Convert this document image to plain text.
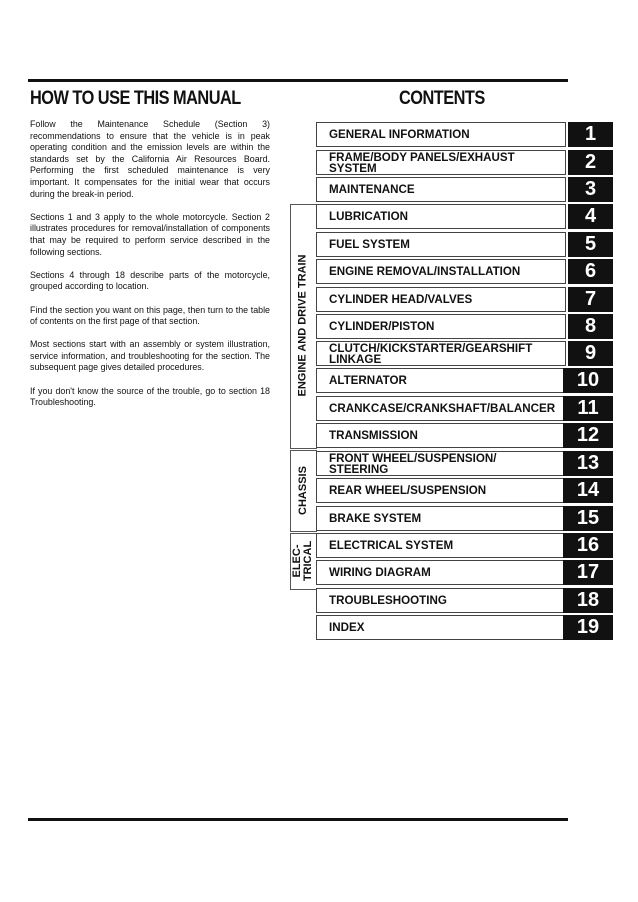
HOW TO USE THIS MANUAL	CONTENTS

Follow the Maintenance Schedule (Section 3) recommendations to ensure that the vehicle is in peak operating condition and the emission levels are within the standards set by the California Air Resources Board. Performing the first scheduled maintenance is very important. It compensates for the initial wear that occurs during the break-in period.

Sections 1 and 3 apply to the whole motorcycle. Section 2 illustrates procedures for removal/installation of components that may be required to perform service described in the following sections.

Sections 4 through 18 describe parts of the motorcycle, grouped according to location.

Find the section you want on this page, then turn to the table of contents on the first page of that section.

Most sections start with an assembly or system illustration, service information, and troubleshooting for the section. The subsequent page gives detailed procedures.

If you don't know the source of the trouble, go to section 18 Troubleshooting.

ENGINE AND DRIVE TRAIN
CHASSIS
ELEC-
TRICAL
GENERAL INFORMATION	1
FRAME/BODY PANELS/EXHAUST
SYSTEM	2
MAINTENANCE	3
LUBRICATION	4
FUEL SYSTEM	5
ENGINE REMOVAL/INSTALLATION	6
CYLINDER HEAD/VALVES	7
CYLINDER/PISTON	8
CLUTCH/KICKSTARTER/GEARSHIFT
LINKAGE	9
ALTERNATOR	10
CRANKCASE/CRANKSHAFT/BALANCER	11
TRANSMISSION	12
FRONT WHEEL/SUSPENSION/
STEERING	13
REAR WHEEL/SUSPENSION	14
BRAKE SYSTEM	15
ELECTRICAL SYSTEM	16
WIRING DIAGRAM	17
TROUBLESHOOTING	18
INDEX	19
